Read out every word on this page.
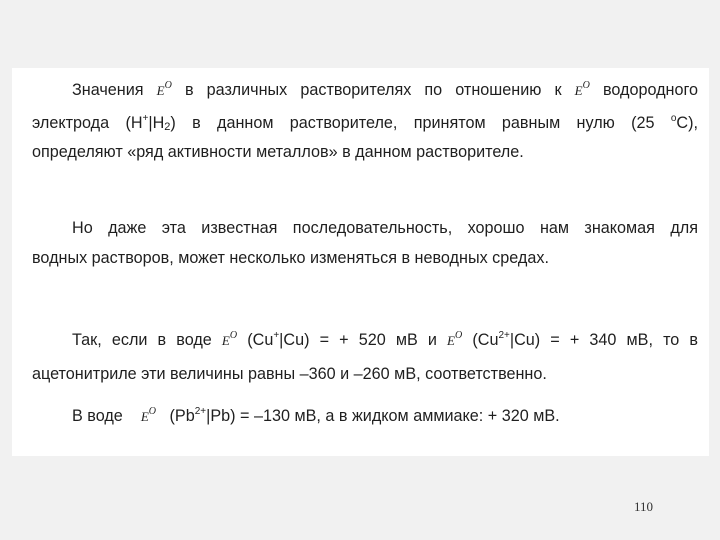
Значения $E^O$ в различных растворителях по отношению к $E^O$ водородного
электрода $(H^+|H_2)$ в данном растворителе, принятом равным нулю (25 $^o$C),
определяют «ряд активности металлов» в данном растворителе.
Но даже эта известная последовательность, хорошо нам знакомая для
водных растворов, может несколько изменяться в неводных средах.
Так, если в воде $E^O$ (Cu+|Cu) = + 520 мВ и $E^O$ $(Cu^{2+}|Cu)$ = + 340 мВ, то в
ацетонитриле эти величины равны –360 и –260 мВ, соответственно.
В воде $E^O$ $(Pb^{2+}|Pb) = -130$ мВ, а в жидком аммиаке: + 320 мВ.
110
